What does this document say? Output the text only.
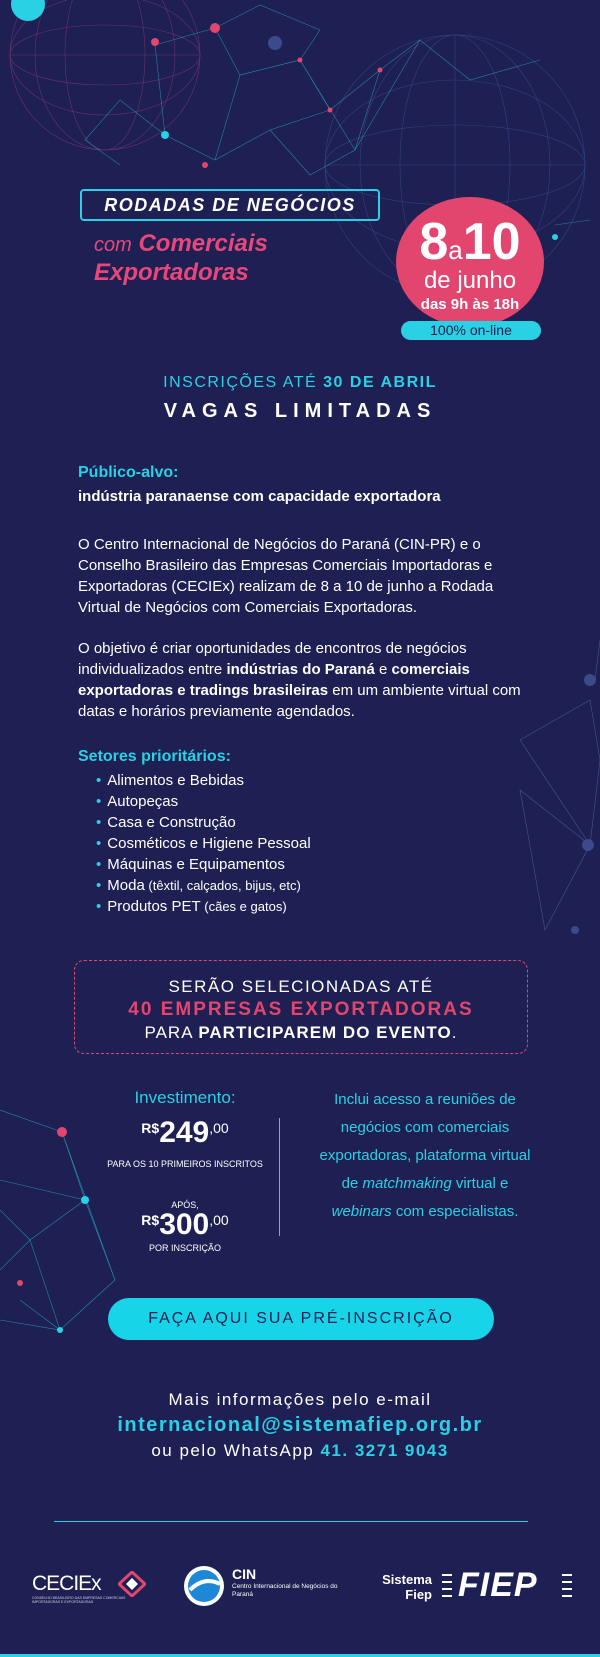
RODADAS DE NEGÓCIOS
com Comerciais
Exportadoras
8a10
de junho
das 9h às 18h
100% on-line
INSCRIÇÕES ATÉ 30 DE ABRIL
VAGAS LIMITADAS
Público-alvo:
indústria paranaense com capacidade exportadora
O Centro Internacional de Negócios do Paraná (CIN-PR) e o Conselho Brasileiro das Empresas Comerciais Importadoras e Exportadoras (CECIEx) realizam de 8 a 10 de junho a Rodada Virtual de Negócios com Comerciais Exportadoras.
O objetivo é criar oportunidades de encontros de negócios individualizados entre indústrias do Paraná e comerciais exportadoras e tradings brasileiras em um ambiente virtual com datas e horários previamente agendados.
Setores prioritários:
• Alimentos e Bebidas
• Autopeças
• Casa e Construção
• Cosméticos e Higiene Pessoal
• Máquinas e Equipamentos
• Moda (têxtil, calçados, bijus, etc)
• Produtos PET (cães e gatos)
SERÃO SELECIONADAS ATÉ
40 EMPRESAS EXPORTADORAS
PARA PARTICIPAREM DO EVENTO.
Investimento:
R$249,00
PARA OS 10 PRIMEIROS INSCRITOS
APÓS,
R$300,00
POR INSCRIÇÃO
Inclui acesso a reuniões de negócios com comerciais exportadoras, plataforma virtual de matchmaking virtual e webinars com especialistas.
FAÇA AQUI SUA PRÉ-INSCRIÇÃO
Mais informações pelo e-mail
internacional@sistemafiep.org.br
ou pelo WhatsApp 41. 3271 9043
CECIEx
CONSELHO BRASILEIRO DAS EMPRESAS COMERCIAIS IMPORTADORAS E EXPORTADORAS
CIN
Centro Internacional de Negócios do Paraná
Sistema
Fiep FIEP
